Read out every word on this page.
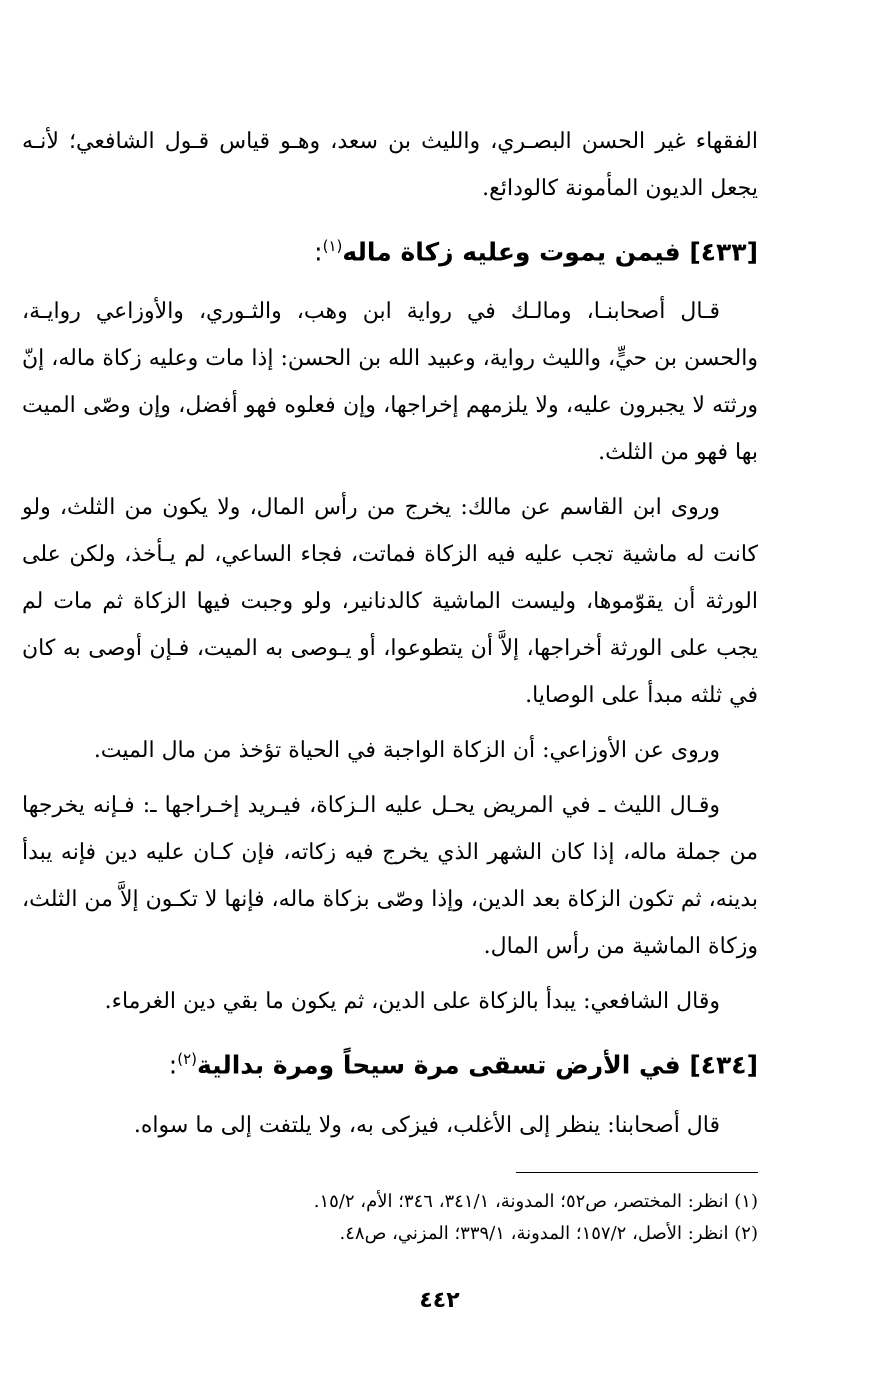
الفقهاء غير الحسن البصـري، والليث بن سعد، وهـو قياس قـول الشافعي؛ لأنـه يجعل الديون المأمونة كالودائع.

[٤٣٣] فيمن يموت وعليه زكاة ماله$^{(١)}$:

قـال أصحابنـا، ومالـك في رواية ابن وهب، والثـوري، والأوزاعي روايـة، والحسن بن حيٍّ، والليث رواية، وعبيد الله بن الحسن: إذا مات وعليه زكاة ماله، إنّ ورثته لا يجبرون عليه، ولا يلزمهم إخراجها، وإن فعلوه فهو أفضل، وإن وصّى الميت بها فهو من الثلث.

وروى ابن القاسم عن مالك: يخرج من رأس المال، ولا يكون من الثلث، ولو كانت له ماشية تجب عليه فيه الزكاة فماتت، فجاء الساعي، لم يـأخذ، ولكن على الورثة أن يقوّموها، وليست الماشية كالدنانير، ولو وجبت فيها الزكاة ثم مات لم يجب على الورثة أخراجها، إلاَّ أن يتطوعوا، أو يـوصى به الميت، فـإن أوصى به كان في ثلثه مبدأ على الوصايا.

وروى عن الأوزاعي: أن الزكاة الواجبة في الحياة تؤخذ من مال الميت.

وقـال الليث ـ في المريض يحـل عليه الـزكاة، فيـريد إخـراجها ـ: فـإنه يخرجها من جملة ماله، إذا كان الشهر الذي يخرج فيه زكاته، فإن كـان عليه دين فإنه يبدأ بدينه، ثم تكون الزكاة بعد الدين، وإذا وصّى بزكاة ماله، فإنها لا تكـون إلاَّ من الثلث، وزكاة الماشية من رأس المال.

وقال الشافعي: يبدأ بالزكاة على الدين، ثم يكون ما بقي دين الغرماء.

[٤٣٤] في الأرض تسقى مرة سيحاً ومرة بدالية$^{(٢)}$:

قال أصحابنا: ينظر إلى الأغلب، فيزكى به، ولا يلتفت إلى ما سواه.

(١) انظر: المختصر، ص٥٢؛ المدونة، ٣٤١/١، ٣٤٦؛ الأم، ١٥/٢.

(٢) انظر: الأصل، ١٥٧/٢؛ المدونة، ٣٣٩/١؛ المزني، ص٤٨.

٤٤٢
